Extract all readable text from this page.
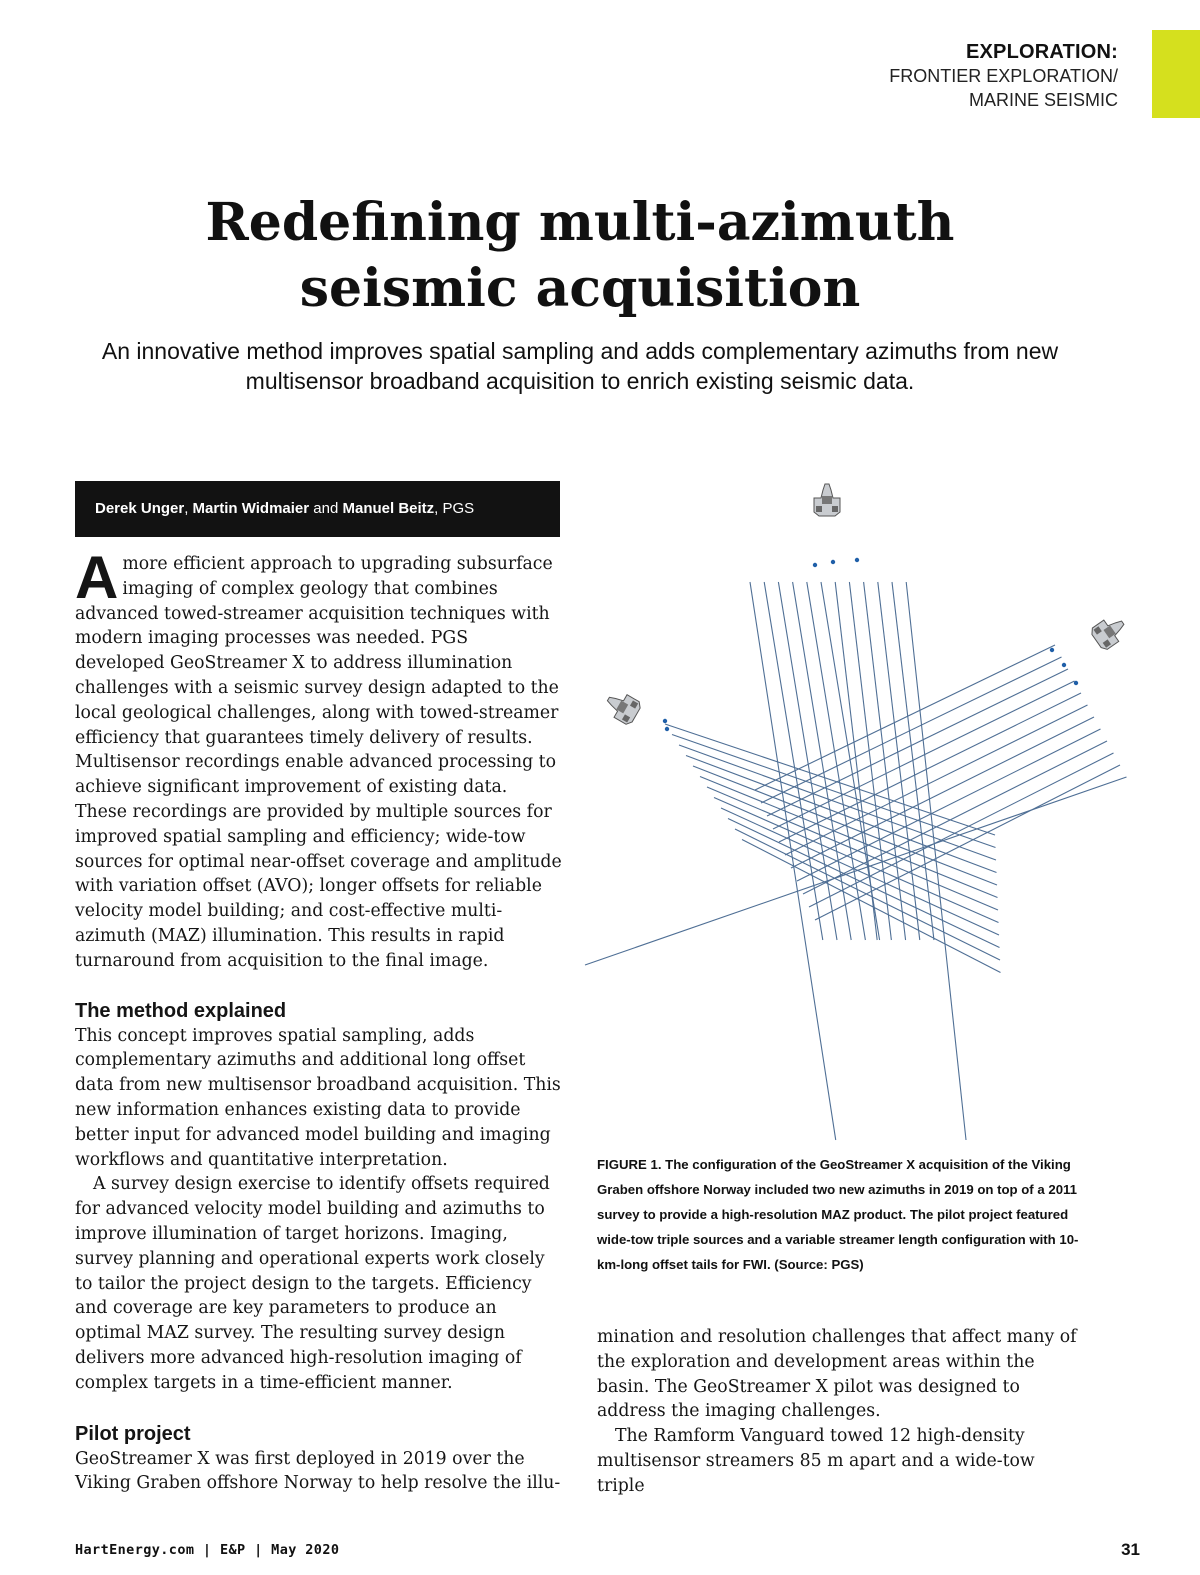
EXPLORATION:
FRONTIER EXPLORATION/
MARINE SEISMIC
Redefining multi-azimuth
seismic acquisition

An innovative method improves spatial sampling and adds complementary azimuths from new multisensor broadband acquisition to enrich existing seismic data.

Derek Unger, Martin Widmaier and Manuel Beitz, PGS

A more efficient approach to upgrading subsurface imaging of complex geology that combines advanced towed-streamer acquisition techniques with modern imaging processes was needed. PGS developed GeoStreamer X to address illumination challenges with a seismic survey design adapted to the local geological challenges, along with towed-streamer efficiency that guarantees timely delivery of results. Multisensor recordings enable advanced processing to achieve significant improvement of existing data. These recordings are provided by multiple sources for improved spatial sampling and efficiency; wide-tow sources for optimal near-offset coverage and amplitude with variation offset (AVO); longer offsets for reliable velocity model building; and cost-effective multi-azimuth (MAZ) illumination. This results in rapid turnaround from acquisition to the final image.

The method explained

This concept improves spatial sampling, adds complementary azimuths and additional long offset data from new multisensor broadband acquisition. This new information enhances existing data to provide better input for advanced model building and imaging workflows and quantitative interpretation.

A survey design exercise to identify offsets required for advanced velocity model building and azimuths to improve illumination of target horizons. Imaging, survey planning and operational experts work closely to tailor the project design to the targets. Efficiency and coverage are key parameters to produce an optimal MAZ survey. The resulting survey design delivers more advanced high-resolution imaging of complex targets in a time-efficient manner.

Pilot project

GeoStreamer X was first deployed in 2019 over the Viking Graben offshore Norway to help resolve the illu-

FIGURE 1. The configuration of the GeoStreamer X acquisition of the Viking Graben offshore Norway included two new azimuths in 2019 on top of a 2011 survey to provide a high-resolution MAZ product. The pilot project featured wide-tow triple sources and a variable streamer length configuration with 10-km-long offset tails for FWI. (Source: PGS)

mination and resolution challenges that affect many of the exploration and development areas within the basin. The GeoStreamer X pilot was designed to address the imaging challenges.

The Ramform Vanguard towed 12 high-density multisensor streamers 85 m apart and a wide-tow triple

HartEnergy.com | E&P | May 2020	31
